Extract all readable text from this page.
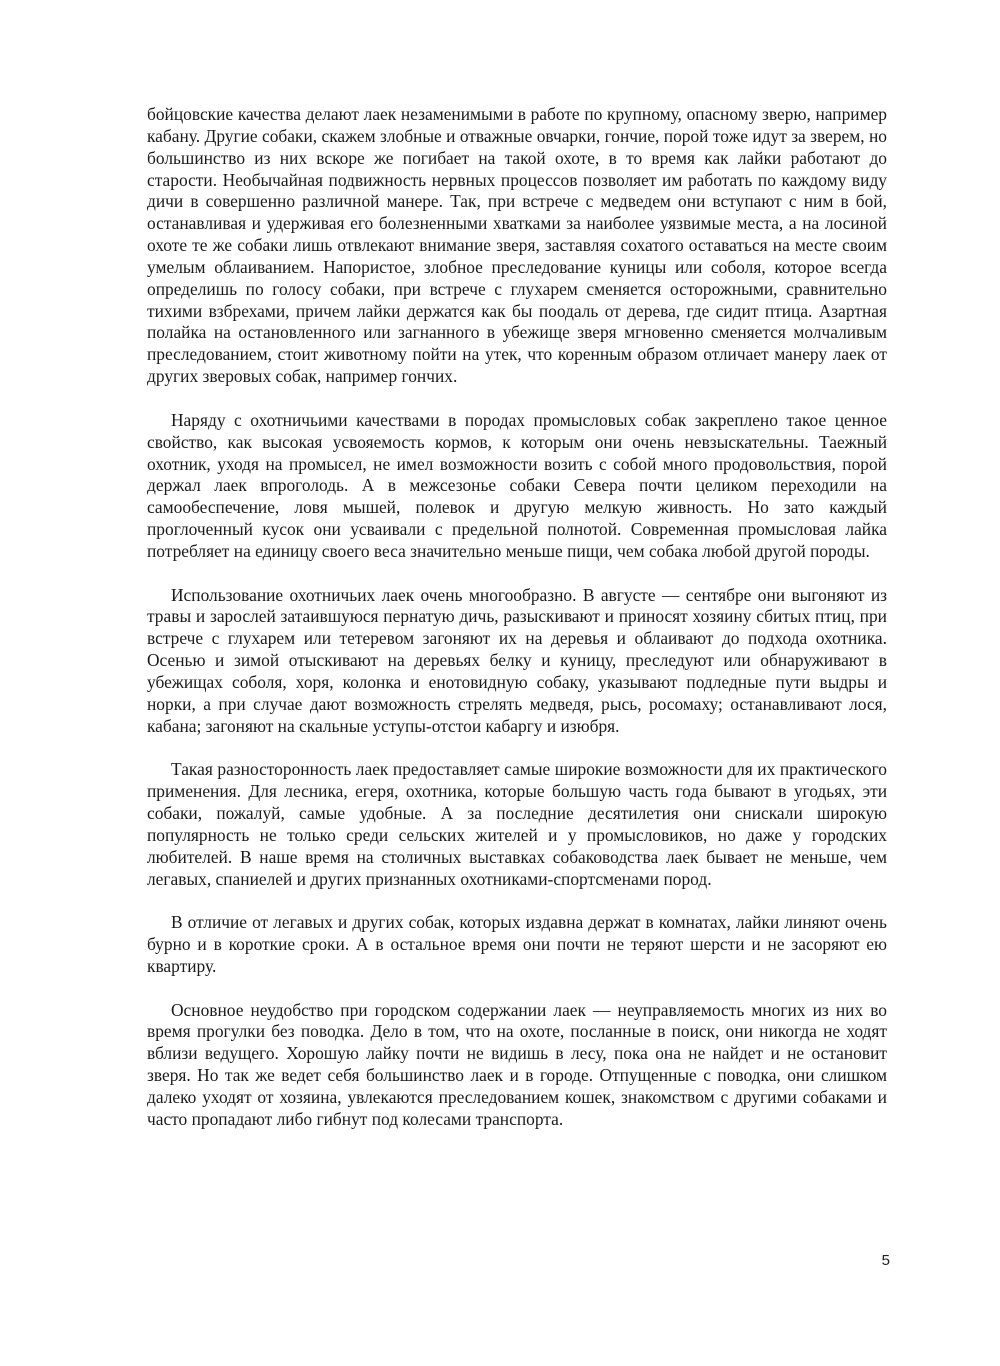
бойцовские качества делают лаек незаменимыми в работе по крупному, опасному зверю, например кабану. Другие собаки, скажем злобные и отважные овчарки, гончие, порой тоже идут за зверем, но большинство из них вскоре же погибает на такой охоте, в то время как лайки работают до старости. Необычайная подвижность нервных процессов позволяет им работать по каждому виду дичи в совершенно различной манере. Так, при встрече с медведем они вступают с ним в бой, останавливая и удерживая его болезненными хватками за наиболее уязвимые места, а на лосиной охоте те же собаки лишь отвлекают внимание зверя, заставляя сохатого оставаться на месте своим умелым облаиванием. Напористое, злобное преследование куницы или соболя, которое всегда определишь по голосу собаки, при встрече с глухарем сменяется осторожными, сравнительно тихими взбрехами, причем лайки держатся как бы поодаль от дерева, где сидит птица. Азартная полайка на остановленного или загнанного в убежище зверя мгновенно сменяется молчаливым преследованием, стоит животному пойти на утек, что коренным образом отличает манеру лаек от других зверовых собак, например гончих.

Наряду с охотничьими качествами в породах промысловых собак закреплено такое ценное свойство, как высокая усвояемость кормов, к которым они очень невзыскательны. Таежный охотник, уходя на промысел, не имел возможности возить с собой много продовольствия, порой держал лаек впроголодь. А в межсезонье собаки Севера почти целиком переходили на самообеспечение, ловя мышей, полевок и другую мелкую живность. Но зато каждый проглоченный кусок они усваивали с предельной полнотой. Современная промысловая лайка потребляет на единицу своего веса значительно меньше пищи, чем собака любой другой породы.

Использование охотничьих лаек очень многообразно. В августе — сентябре они выгоняют из травы и зарослей затаившуюся пернатую дичь, разыскивают и приносят хозяину сбитых птиц, при встрече с глухарем или тетеревом загоняют их на деревья и облаивают до подхода охотника. Осенью и зимой отыскивают на деревьях белку и куницу, преследуют или обнаруживают в убежищах соболя, хоря, колонка и енотовидную собаку, указывают подледные пути выдры и норки, а при случае дают возможность стрелять медведя, рысь, росомаху; останавливают лося, кабана; загоняют на скальные уступы-отстои кабаргу и изюбря.

Такая разносторонность лаек предоставляет самые широкие возможности для их практического применения. Для лесника, егеря, охотника, которые большую часть года бывают в угодьях, эти собаки, пожалуй, самые удобные. А за последние десятилетия они снискали широкую популярность не только среди сельских жителей и у промысловиков, но даже у городских любителей. В наше время на столичных выставках собаководства лаек бывает не меньше, чем легавых, спаниелей и других признанных охотниками-спортсменами пород.

В отличие от легавых и других собак, которых издавна держат в комнатах, лайки линяют очень бурно и в короткие сроки. А в остальное время они почти не теряют шерсти и не засоряют ею квартиру.

Основное неудобство при городском содержании лаек — неуправляемость многих из них во время прогулки без поводка. Дело в том, что на охоте, посланные в поиск, они никогда не ходят вблизи ведущего. Хорошую лайку почти не видишь в лесу, пока она не найдет и не остановит зверя. Но так же ведет себя большинство лаек и в городе. Отпущенные с поводка, они слишком далеко уходят от хозяина, увлекаются преследованием кошек, знакомством с другими собаками и часто пропадают либо гибнут под колесами транспорта.

5
